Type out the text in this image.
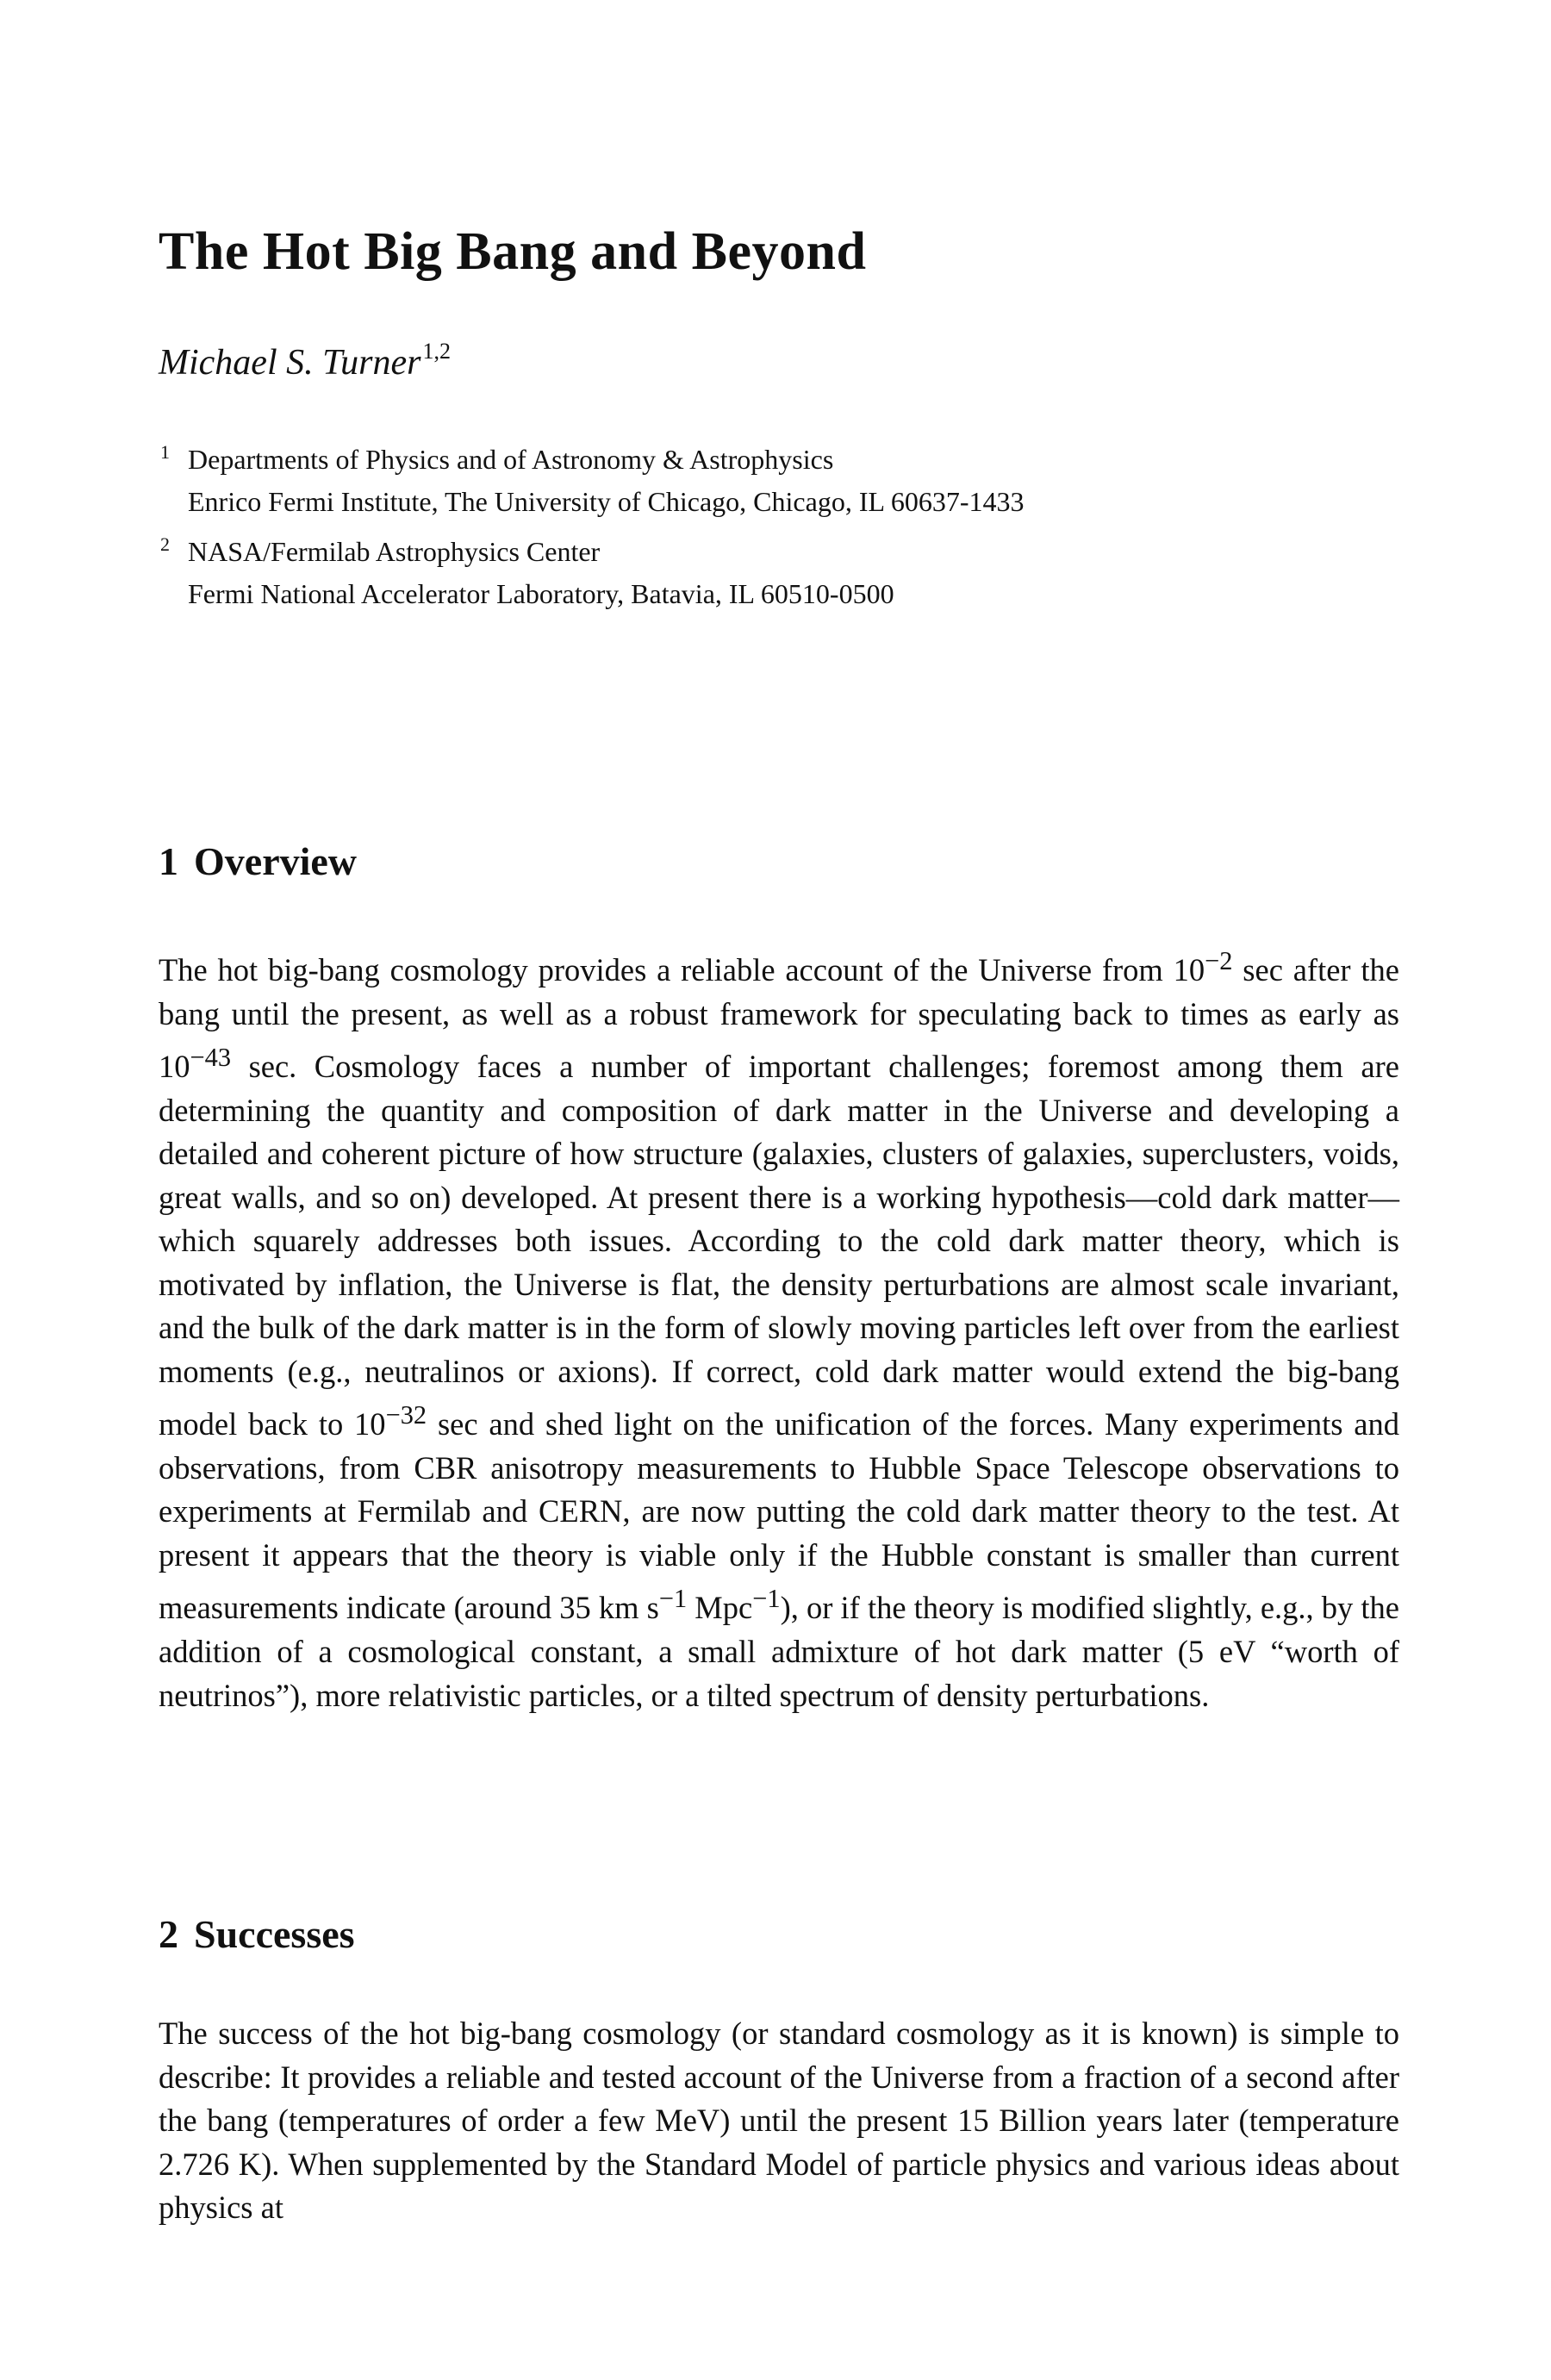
The Hot Big Bang and Beyond
Michael S. Turner$^{1,2}$
1 Departments of Physics and of Astronomy & Astrophysics
Enrico Fermi Institute, The University of Chicago, Chicago, IL 60637-1433
2 NASA/Fermilab Astrophysics Center
Fermi National Accelerator Laboratory, Batavia, IL 60510-0500
1 Overview

The hot big-bang cosmology provides a reliable account of the Universe from $10^{-2}$ sec after the bang until the present, as well as a robust framework for speculating back to times as early as $10^{-43}$ sec. Cosmology faces a number of important challenges; foremost among them are determining the quantity and composition of dark matter in the Universe and developing a detailed and coherent picture of how structure (galaxies, clusters of galaxies, superclusters, voids, great walls, and so on) developed. At present there is a working hypothesis—cold dark matter—which squarely addresses both issues. According to the cold dark matter theory, which is motivated by inflation, the Universe is flat, the density perturbations are almost scale invariant, and the bulk of the dark matter is in the form of slowly moving particles left over from the earliest moments (e.g., neutralinos or axions). If correct, cold dark matter would extend the big-bang model back to $10^{-32}$ sec and shed light on the unification of the forces. Many experiments and observations, from CBR anisotropy measurements to Hubble Space Telescope observations to experiments at Fermilab and CERN, are now putting the cold dark matter theory to the test. At present it appears that the theory is viable only if the Hubble constant is smaller than current measurements indicate (around 35 km $s^{-1}$ Mpc$^{-1}$), or if the theory is modified slightly, e.g., by the addition of a cosmological constant, a small admixture of hot dark matter (5 eV “worth of neutrinos”), more relativistic particles, or a tilted spectrum of density perturbations.

2 Successes

The success of the hot big-bang cosmology (or standard cosmology as it is known) is simple to describe: It provides a reliable and tested account of the Universe from a fraction of a second after the bang (temperatures of order a few MeV) until the present 15 Billion years later (temperature 2.726 K). When supplemented by the Standard Model of particle physics and various ideas about physics at
